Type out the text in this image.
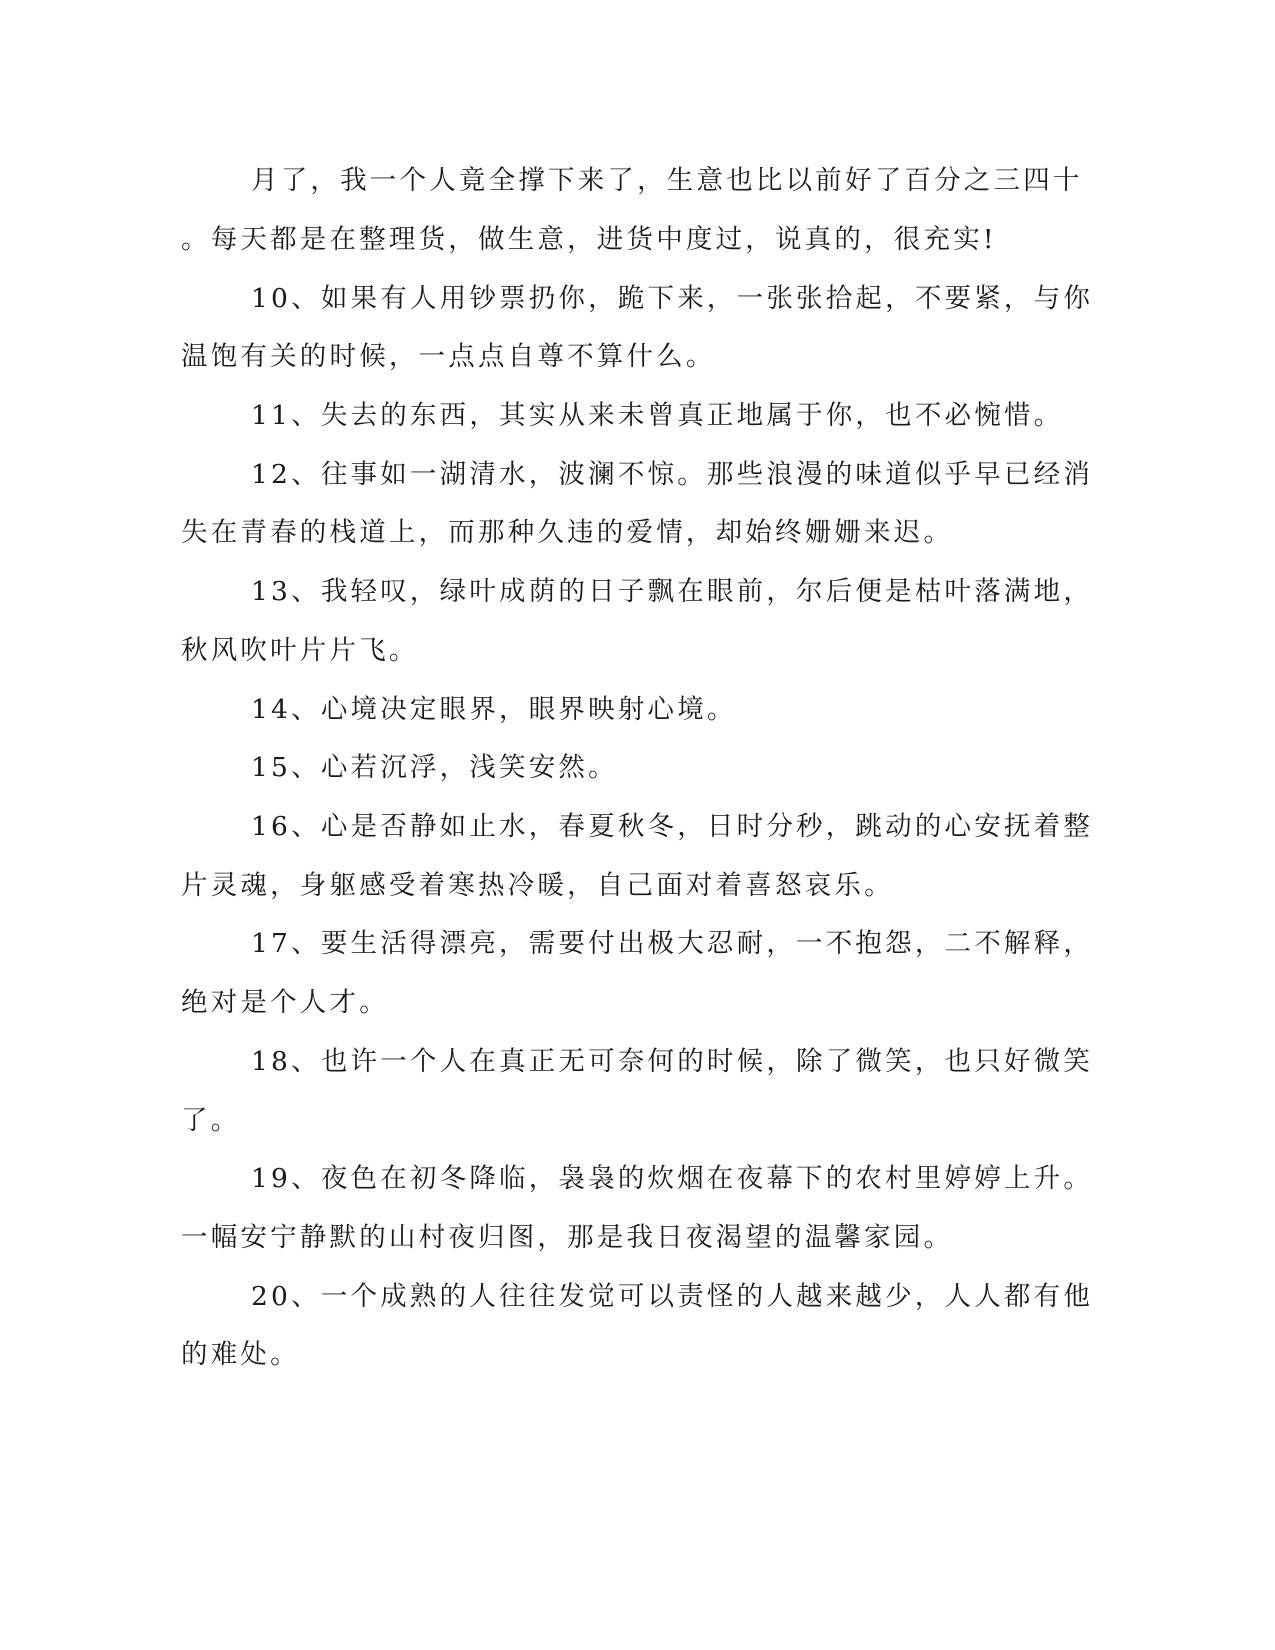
月了，我一个人竟全撑下来了，生意也比以前好了百分之三四十

。每天都是在整理货，做生意，进货中度过，说真的，很充实!

10、如果有人用钞票扔你，跪下来，一张张拾起，不要紧，与你

温饱有关的时候，一点点自尊不算什么。

11、失去的东西，其实从来未曾真正地属于你，也不必惋惜。

12、往事如一湖清水，波澜不惊。那些浪漫的味道似乎早已经消

失在青春的栈道上，而那种久违的爱情，却始终姗姗来迟。

13、我轻叹，绿叶成荫的日子飘在眼前，尔后便是枯叶落满地，

秋风吹叶片片飞。

14、心境决定眼界，眼界映射心境。

15、心若沉浮，浅笑安然。

16、心是否静如止水，春夏秋冬，日时分秒，跳动的心安抚着整

片灵魂，身躯感受着寒热冷暖，自己面对着喜怒哀乐。

17、要生活得漂亮，需要付出极大忍耐，一不抱怨，二不解释，

绝对是个人才。

18、也许一个人在真正无可奈何的时候，除了微笑，也只好微笑

了。

19、夜色在初冬降临，袅袅的炊烟在夜幕下的农村里婷婷上升。

一幅安宁静默的山村夜归图，那是我日夜渴望的温馨家园。

20、一个成熟的人往往发觉可以责怪的人越来越少，人人都有他

的难处。
